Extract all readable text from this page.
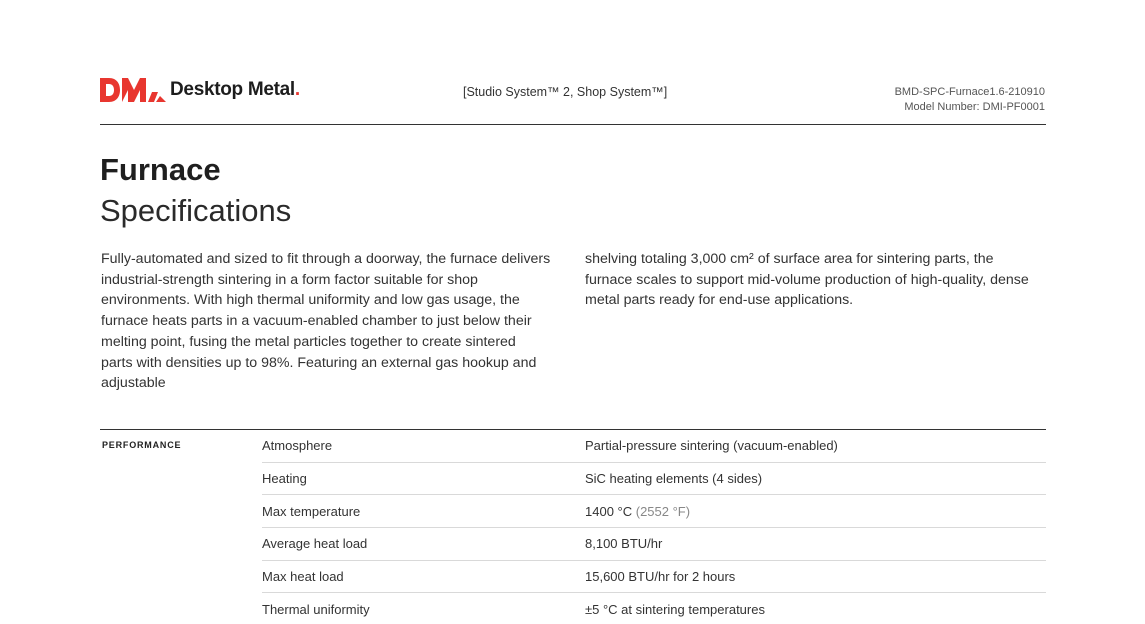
Desktop Metal.	[Studio System™ 2, Shop System™]	BMD-SPC-Furnace1.6-210910
Model Number: DMI-PF0001
Furnace
Specifications

Fully-automated and sized to fit through a doorway, the furnace delivers industrial-strength sintering in a form factor suitable for shop environments. With high thermal uniformity and low gas usage, the furnace heats parts in a vacuum-enabled chamber to just below their melting point, fusing the metal particles together to create sintered parts with densities up to 98%. Featuring an external gas hookup and adjustable

shelving totaling 3,000 cm² of surface area for sintering parts, the furnace scales to support mid-volume production of high-quality, dense metal parts ready for end-use applications.

PERFORMANCE	Atmosphere	Partial-pressure sintering (vacuum-enabled)
Heating	SiC heating elements (4 sides)
Max temperature	1400 °C (2552 °F)
Average heat load	8,100 BTU/hr
Max heat load	15,600 BTU/hr for 2 hours
Thermal uniformity	±5 °C at sintering temperatures
